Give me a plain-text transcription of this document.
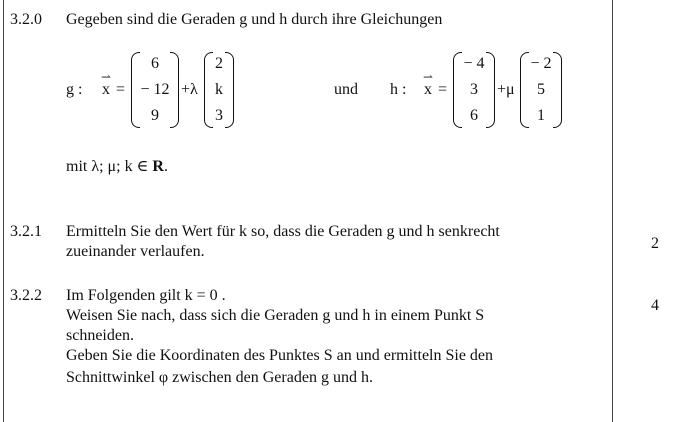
3.2.0 Gegeben sind die Geraden g und h durch ihre Gleichungen
g :
⇀
x =
6
− 12
9
+λ
2
k
3
und h :
⇀
x =
− 4
3
6
+μ
− 2
5
1
mit λ; μ; k ∈ R.
3.2.1 Ermitteln Sie den Wert für k so, dass die Geraden g und h senkrecht
zueinander verlaufen.	2
3.2.2 Im Folgenden gilt k = 0 .
Weisen Sie nach, dass sich die Geraden g und h in einem Punkt S
schneiden.
Geben Sie die Koordinaten des Punktes S an und ermitteln Sie den
Schnittwinkel φ zwischen den Geraden g und h.
4
